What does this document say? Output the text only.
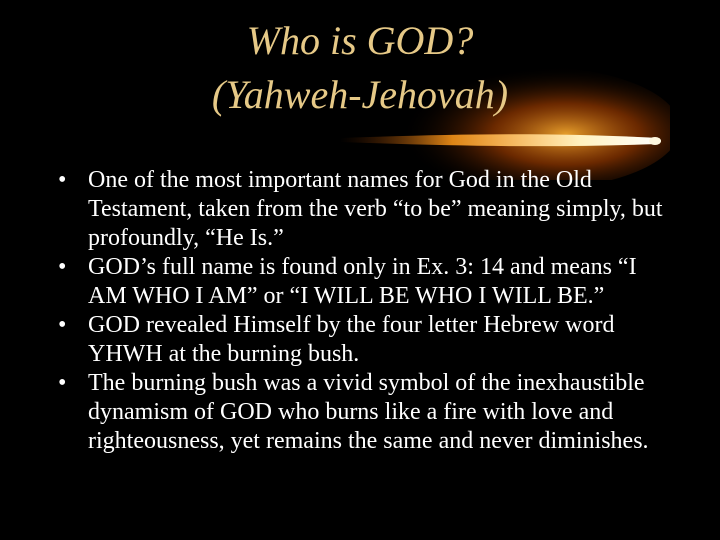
Who is GOD?
(Yahweh-Jehovah)
• One of the most important names for God in the Old Testament, taken from the verb “to be” meaning simply, but profoundly, “He Is.”
• GOD’s full name is found only in Ex. 3: 14 and means “I AM WHO I AM” or “I WILL BE WHO I WILL BE.”
• GOD revealed Himself by the four letter Hebrew word YHWH at the burning bush.
• The burning bush was a vivid symbol of the inexhaustible dynamism of GOD who burns like a fire with love and righteousness, yet remains the same and never diminishes.
